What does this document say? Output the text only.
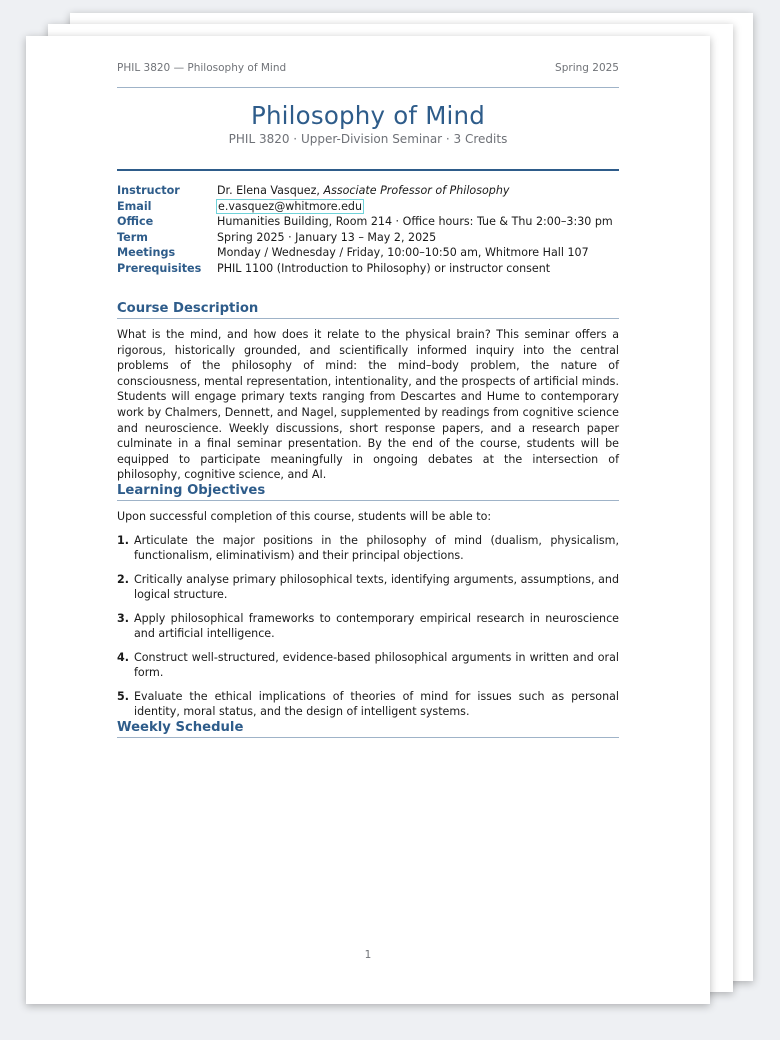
PHIL 3820 — Philosophy of Mind	Spring 2025
Philosophy of Mind
PHIL 3820 · Upper-Division Seminar · 3 Credits
Instructor	Dr. Elena Vasquez, Associate Professor of Philosophy
Email	e.vasquez@whitmore.edu
Office	Humanities Building, Room 214 · Office hours: Tue & Thu 2:00–3:30 pm
Term	Spring 2025 · January 13 – May 2, 2025
Meetings	Monday / Wednesday / Friday, 10:00–10:50 am, Whitmore Hall 107
Prerequisites	PHIL 1100 (Introduction to Philosophy) or instructor consent
Course Description
What is the mind, and how does it relate to the physical brain? This seminar offers a rigorous, historically grounded, and scientifically informed inquiry into the central problems of the philosophy of mind: the mind–body problem, the nature of consciousness, mental representation, intentionality, and the prospects of artificial minds. Students will engage primary texts ranging from Descartes and Hume to contemporary work by Chalmers, Dennett, and Nagel, supplemented by readings from cognitive science and neuroscience. Weekly discussions, short response papers, and a research paper culminate in a final seminar presentation. By the end of the course, students will be equipped to participate meaningfully in ongoing debates at the intersection of philosophy, cognitive science, and AI.
Learning Objectives
Upon successful completion of this course, students will be able to:
1. Articulate the major positions in the philosophy of mind (dualism, physicalism, functionalism, eliminativism) and their principal objections.
2. Critically analyse primary philosophical texts, identifying arguments, assumptions, and logical structure.
3. Apply philosophical frameworks to contemporary empirical research in neuroscience and artificial intelligence.
4. Construct well-structured, evidence-based philosophical arguments in written and oral form.
5. Evaluate the ethical implications of theories of mind for issues such as personal identity, moral status, and the design of intelligent systems.
Weekly Schedule
1
